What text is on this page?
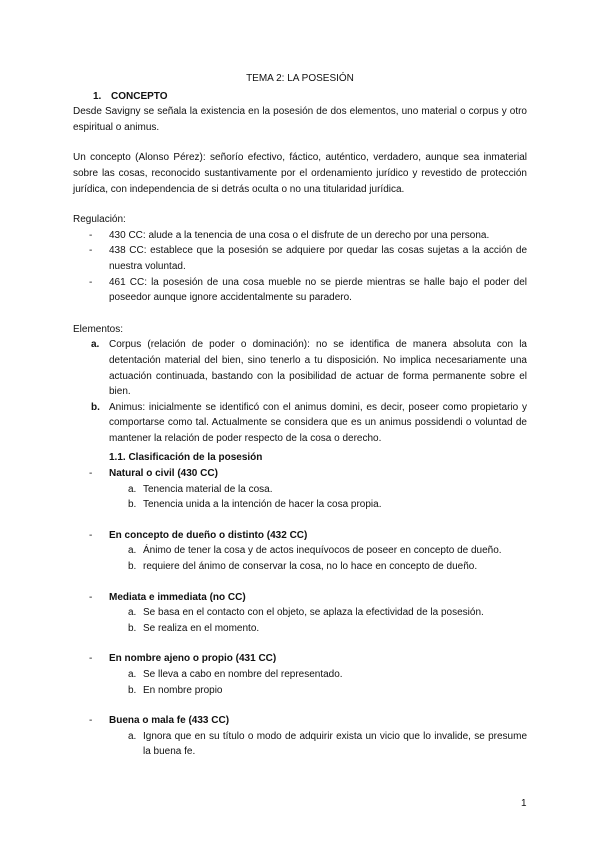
TEMA 2: LA POSESIÓN

1. CONCEPTO

Desde Savigny se señala la existencia en la posesión de dos elementos, uno material o corpus y otro espiritual o animus.

Un concepto (Alonso Pérez): señorío efectivo, fáctico, auténtico, verdadero, aunque sea inmaterial sobre las cosas, reconocido sustantivamente por el ordenamiento jurídico y revestido de protección jurídica, con independencia de si detrás oculta o no una titularidad jurídica.

Regulación:

- 430 CC: alude a la tenencia de una cosa o el disfrute de un derecho por una persona.
- 438 CC: establece que la posesión se adquiere por quedar las cosas sujetas a la acción de nuestra voluntad.
- 461 CC: la posesión de una cosa mueble no se pierde mientras se halle bajo el poder del poseedor aunque ignore accidentalmente su paradero.

Elementos:

a. Corpus (relación de poder o dominación): no se identifica de manera absoluta con la detentación material del bien, sino tenerlo a tu disposición. No implica necesariamente una actuación continuada, bastando con la posibilidad de actuar de forma permanente sobre el bien.
b. Animus: inicialmente se identificó con el animus domini, es decir, poseer como propietario y comportarse como tal. Actualmente se considera que es un animus possidendi o voluntad de mantener la relación de poder respecto de la cosa o derecho.

1.1. Clasificación de la posesión

- Natural o civil (430 CC)
a. Tenencia material de la cosa.
b. Tenencia unida a la intención de hacer la cosa propia.
- En concepto de dueño o distinto (432 CC)
a. Ánimo de tener la cosa y de actos inequívocos de poseer en concepto de dueño.
b. requiere del ánimo de conservar la cosa, no lo hace en concepto de dueño.
- Mediata e immediata (no CC)
a. Se basa en el contacto con el objeto, se aplaza la efectividad de la posesión.
b. Se realiza en el momento.
- En nombre ajeno o propio (431 CC)
a. Se lleva a cabo en nombre del representado.
b. En nombre propio
- Buena o mala fe (433 CC)
a. Ignora que en su título o modo de adquirir exista un vicio que lo invalide, se presume la buena fe.
1
